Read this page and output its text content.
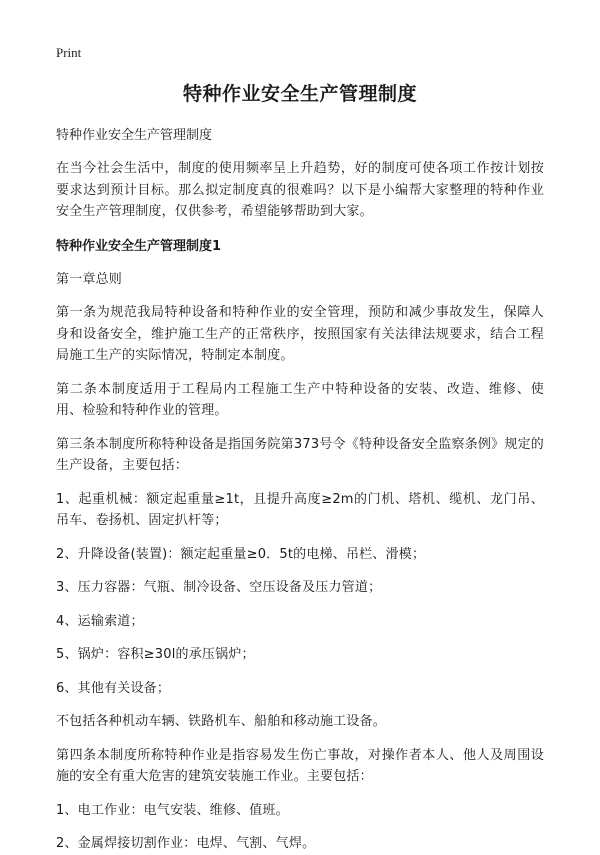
Print

特种作业安全生产管理制度

特种作业安全生产管理制度

在当今社会生活中，制度的使用频率呈上升趋势，好的制度可使各项工作按计划按要求达到预计目标。那么拟定制度真的很难吗？以下是小编帮大家整理的特种作业安全生产管理制度，仅供参考，希望能够帮助到大家。

特种作业安全生产管理制度1

第一章总则

第一条为规范我局特种设备和特种作业的安全管理，预防和减少事故发生，保障人身和设备安全，维护施工生产的正常秩序，按照国家有关法律法规要求，结合工程局施工生产的实际情况，特制定本制度。

第二条本制度适用于工程局内工程施工生产中特种设备的安装、改造、维修、使用、检验和特种作业的管理。

第三条本制度所称特种设备是指国务院第373号令《特种设备安全监察条例》规定的生产设备，主要包括：

1、起重机械：额定起重量≥1t，且提升高度≥2m的门机、塔机、缆机、龙门吊、吊车、卷扬机、固定扒杆等；

2、升降设备(装置)：额定起重量≥0．5t的电梯、吊栏、滑模；

3、压力容器：气瓶、制冷设备、空压设备及压力管道；

4、运输索道；

5、锅炉：容积≥30l的承压锅炉；

6、其他有关设备；

不包括各种机动车辆、铁路机车、船舶和移动施工设备。

第四条本制度所称特种作业是指容易发生伤亡事故，对操作者本人、他人及周围设施的安全有重大危害的建筑安装施工作业。主要包括：

1、电工作业：电气安装、维修、值班。

2、金属焊接切割作业：电焊、气割、气焊。
